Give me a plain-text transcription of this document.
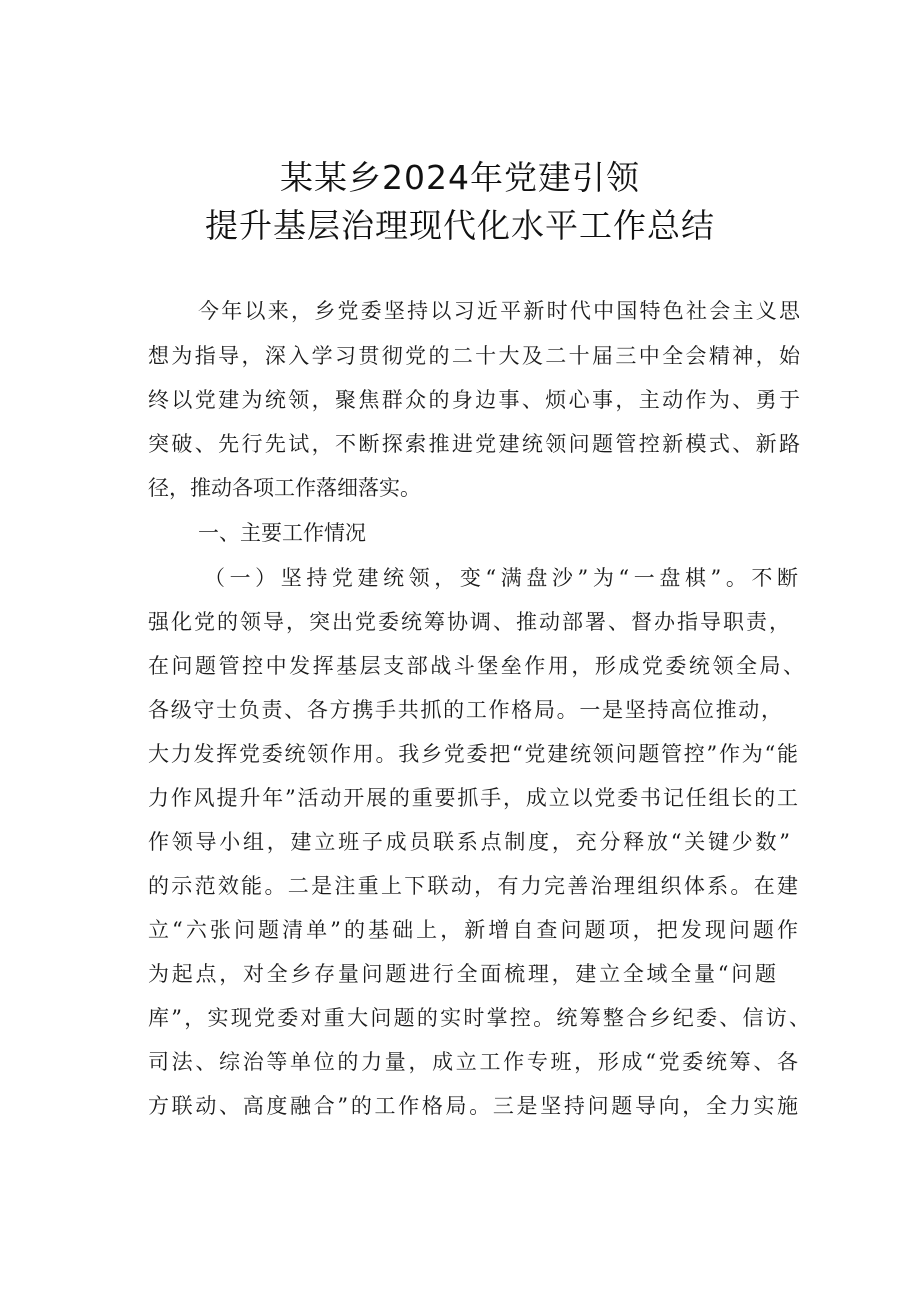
某某乡2024年党建引领
提升基层治理现代化水平工作总结
今年以来，乡党委坚持以习近平新时代中国特色社会主义思
想为指导，深入学习贯彻党的二十大及二十届三中全会精神，始
终以党建为统领，聚焦群众的身边事、烦心事，主动作为、勇于
突破、先行先试，不断探索推进党建统领问题管控新模式、新路
径，推动各项工作落细落实。
一、主要工作情况
（一）坚持党建统领，变“满盘沙”为“一盘棋”。不断
强化党的领导，突出党委统筹协调、推动部署、督办指导职责，
在问题管控中发挥基层支部战斗堡垒作用，形成党委统领全局、
各级守士负责、各方携手共抓的工作格局。一是坚持高位推动，
大力发挥党委统领作用。我乡党委把“党建统领问题管控”作为“能
力作风提升年”活动开展的重要抓手，成立以党委书记任组长的工
作领导小组，建立班子成员联系点制度，充分释放“关键少数”
的示范效能。二是注重上下联动，有力完善治理组织体系。在建
立“六张问题清单”的基础上，新增自查问题项，把发现问题作
为起点，对全乡存量问题进行全面梳理，建立全域全量“问题
库”，实现党委对重大问题的实时掌控。统筹整合乡纪委、信访、
司法、综治等单位的力量，成立工作专班，形成“党委统筹、各
方联动、高度融合”的工作格局。三是坚持问题导向，全力实施
